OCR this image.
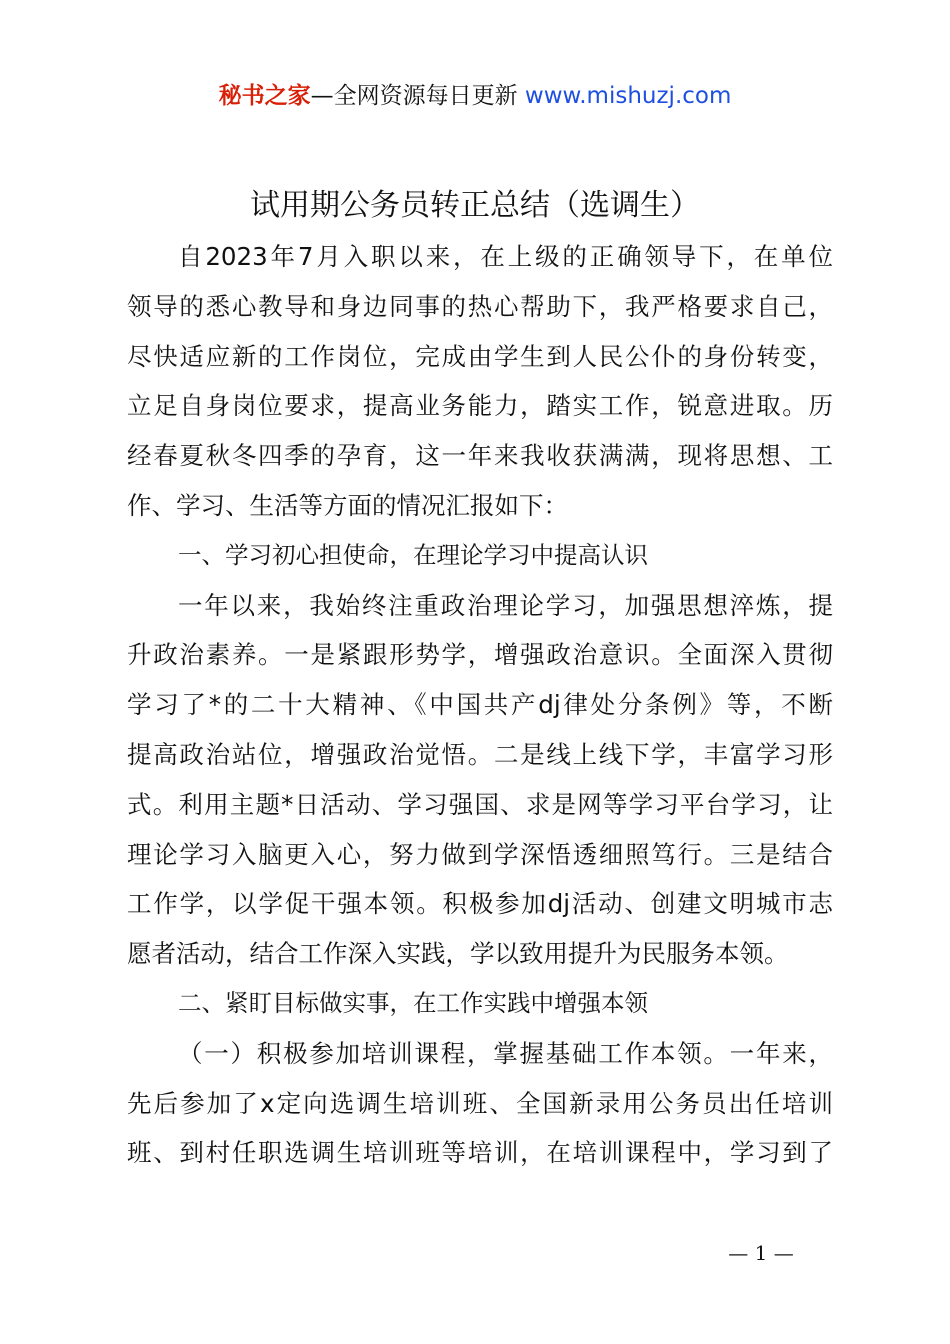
秘书之家—全网资源每日更新 www.mishuzj.com
试用期公务员转正总结（选调生）
自2023年7月入职以来，在上级的正确领导下，在单位
领导的悉心教导和身边同事的热心帮助下，我严格要求自己，
尽快适应新的工作岗位，完成由学生到人民公仆的身份转变，
立足自身岗位要求，提高业务能力，踏实工作，锐意进取。历
经春夏秋冬四季的孕育，这一年来我收获满满，现将思想、工
作、学习、生活等方面的情况汇报如下：
一、学习初心担使命，在理论学习中提高认识
一年以来，我始终注重政治理论学习，加强思想淬炼，提
升政治素养。一是紧跟形势学，增强政治意识。全面深入贯彻
学习了*的二十大精神、《中国共产dj律处分条例》等，不断
提高政治站位，增强政治觉悟。二是线上线下学，丰富学习形
式。利用主题*日活动、学习强国、求是网等学习平台学习，让
理论学习入脑更入心，努力做到学深悟透细照笃行。三是结合
工作学，以学促干强本领。积极参加dj活动、创建文明城市志
愿者活动，结合工作深入实践，学以致用提升为民服务本领。
二、紧盯目标做实事，在工作实践中增强本领
（一）积极参加培训课程，掌握基础工作本领。一年来，
先后参加了x定向选调生培训班、全国新录用公务员出任培训
班、到村任职选调生培训班等培训，在培训课程中，学习到了
— 1 —
